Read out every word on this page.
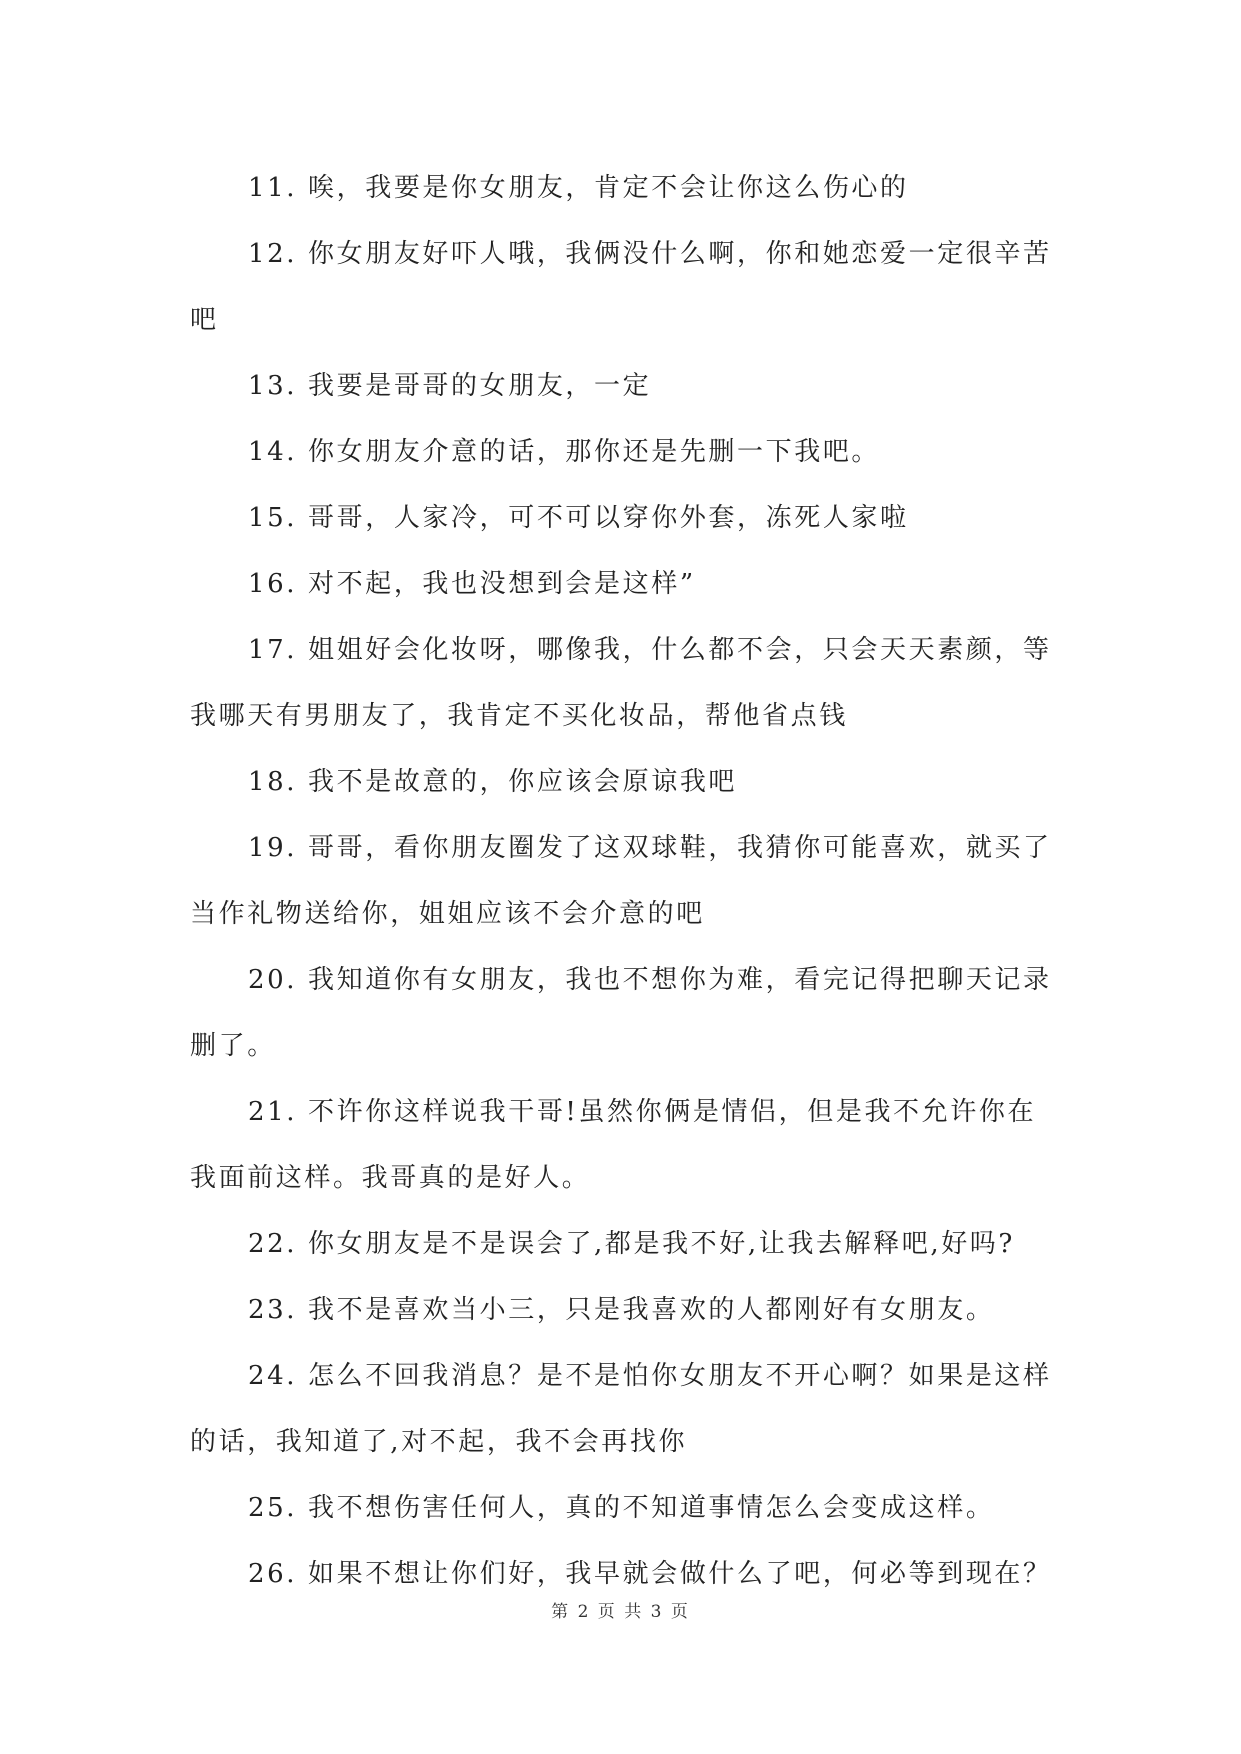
11. 唉，我要是你女朋友，肯定不会让你这么伤心的

12. 你女朋友好吓人哦，我俩没什么啊，你和她恋爱一定很辛苦吧

13. 我要是哥哥的女朋友，一定

14. 你女朋友介意的话，那你还是先删一下我吧。

15. 哥哥，人家冷，可不可以穿你外套，冻死人家啦

16. 对不起，我也没想到会是这样”

17. 姐姐好会化妆呀，哪像我，什么都不会，只会天天素颜，等我哪天有男朋友了，我肯定不买化妆品，帮他省点钱

18. 我不是故意的，你应该会原谅我吧

19. 哥哥，看你朋友圈发了这双球鞋，我猜你可能喜欢，就买了当作礼物送给你，姐姐应该不会介意的吧

20. 我知道你有女朋友，我也不想你为难，看完记得把聊天记录删了。

21. 不许你这样说我干哥!虽然你俩是情侣，但是我不允许你在我面前这样。我哥真的是好人。

22. 你女朋友是不是误会了,都是我不好,让我去解释吧,好吗?

23. 我不是喜欢当小三，只是我喜欢的人都刚好有女朋友。

24. 怎么不回我消息？是不是怕你女朋友不开心啊？如果是这样的话，我知道了,对不起，我不会再找你

25. 我不想伤害任何人，真的不知道事情怎么会变成这样。

26. 如果不想让你们好，我早就会做什么了吧，何必等到现在？

第 2 页 共 3 页
